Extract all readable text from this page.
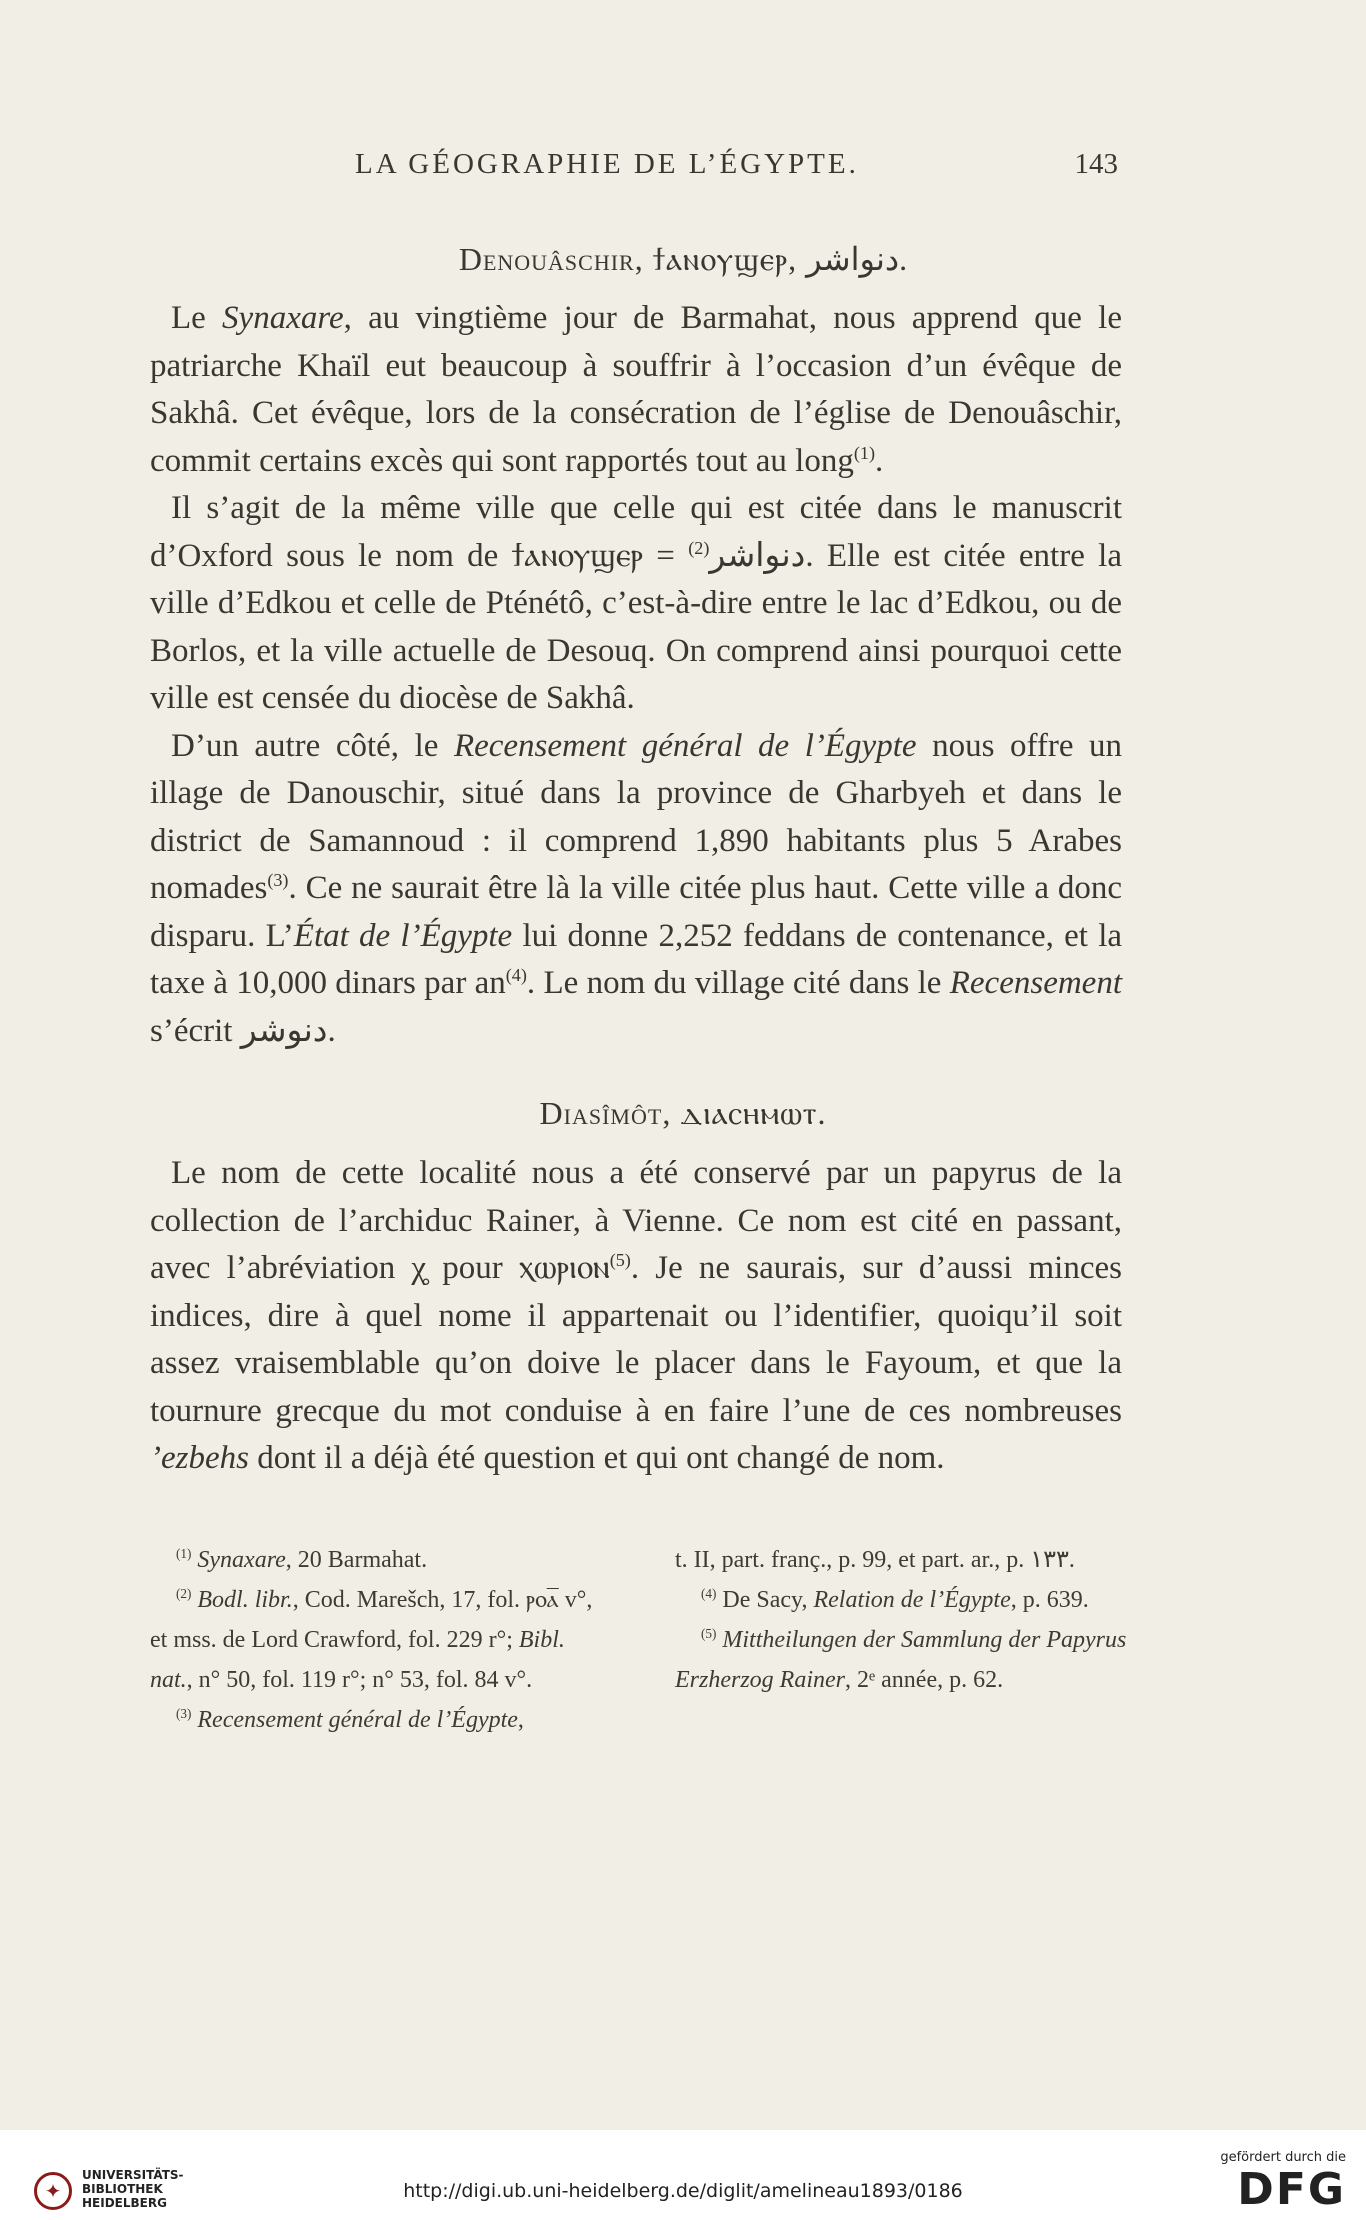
LA GÉOGRAPHIE DE L’ÉGYPTE.	143
Denouâschir, ϯⲁⲛⲟⲩϣⲉⲣ, دنواشر.

Le Synaxare, au vingtième jour de Barmahat, nous apprend que le patriarche Khaïl eut beaucoup à souffrir à l’occasion d’un évêque de Sakhâ. Cet évêque, lors de la consécration de l’église de Denouâschir, commit certains excès qui sont rapportés tout au long$^{(1)}$.

Il s’agit de la même ville que celle qui est citée dans le manuscrit d’Oxford sous le nom de ϯⲁⲛⲟⲩϣⲉⲣ = دنواشر$^{(2)}$	. Elle est citée entre la ville d’Edkou et celle de Pténétô, c’est-à-dire entre le lac d’Edkou, ou de Borlos, et la ville actuelle de Desouq. On comprend ainsi pourquoi cette ville est censée du diocèse de Sakhâ.

D’un autre côté, le Recensement général de l’Égypte nous offre un illage de Danouschir, situé dans la province de Gharbyeh et dans le district de Samannoud : il comprend 1,890 habitants plus 5 Arabes nomades$^{(3)}$. Ce ne saurait être là la ville citée plus haut. Cette ville a donc disparu. L’État de l’Égypte lui donne 2,252 feddans de contenance, et la taxe à 10,000 dinars par $an^{(4)}$. Le nom du village cité dans le Recensement s’écrit دنوشر.

Diasîmôt, ⲇⲓⲁⲥⲏⲙⲱⲧ.

Le nom de cette localité nous a été conservé par un papyrus de la collection de l’archiduc Rainer, à Vienne. Ce nom est cité en passant, avec l’abréviation χ̥ pour ⲭⲱⲣⲓⲟⲛ$^{(5)}$. Je ne saurais, sur d’aussi minces indices, dire à quel nome il appartenait ou l’identifier, quoiqu’il soit assez vraisemblable qu’on doive le placer dans le Fayoum, et que la tournure grecque du mot conduise à en faire l’une de ces nombreuses ’ezbehs dont il a déjà été question et qui ont changé de nom.

$^{(1)}$ Synaxare, 20 Barmahat.

$^{(2)}$ Bodl. libr., Cod. Marešch, 17, fol. ⲣⲟⲁ̅ v°, et mss. de Lord Crawford, fol. 229 r°; Bibl. nat., n° 50, fol. 119 r°; n° 53, fol. 84 v°.

$^{(3)}$ Recensement général de l’Égypte,

t. II, part. franç., p. 99, et part. ar., p. ١٣٣.

$^{(4)}$ De Sacy, Relation de l’Égypte, p. 639.

$^{(5)}$ Mittheilungen der Sammlung der Papyrus Erzherzog Rainer, 2ᵉ année, p. 62.

✦
UNIVERSITÄTS-
BIBLIOTHEK
HEIDELBERG
http://digi.ub.uni-heidelberg.de/diglit/amelineau1893/0186
gefördert durch die
DFG
